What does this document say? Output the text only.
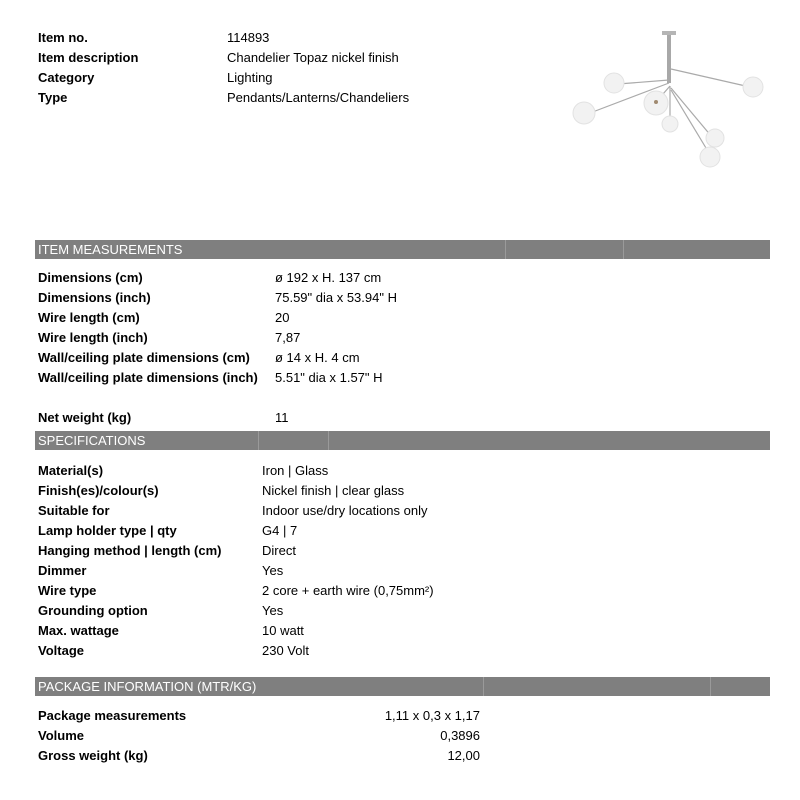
Item no.	114893
Item description	Chandelier Topaz nickel finish
Category	Lighting
Type	Pendants/Lanterns/Chandeliers
ITEM MEASUREMENTS
Dimensions (cm)	ø 192 x H. 137 cm
Dimensions (inch)	75.59" dia x 53.94" H
Wire length (cm)	20
Wire length (inch)	7,87
Wall/ceiling plate dimensions (cm) ø 14 x H. 4 cm
Wall/ceiling plate dimensions (inch) 5.51" dia x 1.57" H
Net weight (kg)	11
SPECIFICATIONS
Material(s)	Iron | Glass
Finish(es)/colour(s)	Nickel finish | clear glass
Suitable for	Indoor use/dry locations only
Lamp holder type | qty	G4 | 7
Hanging method | length (cm)	Direct
Dimmer	Yes
Wire type	2 core + earth wire (0,75mm²)
Grounding option	Yes
Max. wattage	10 watt
Voltage	230 Volt
PACKAGE INFORMATION (MTR/KG)
Package measurements	1,11 x 0,3 x 1,17
Volume	0,3896
Gross weight (kg)	12,00
